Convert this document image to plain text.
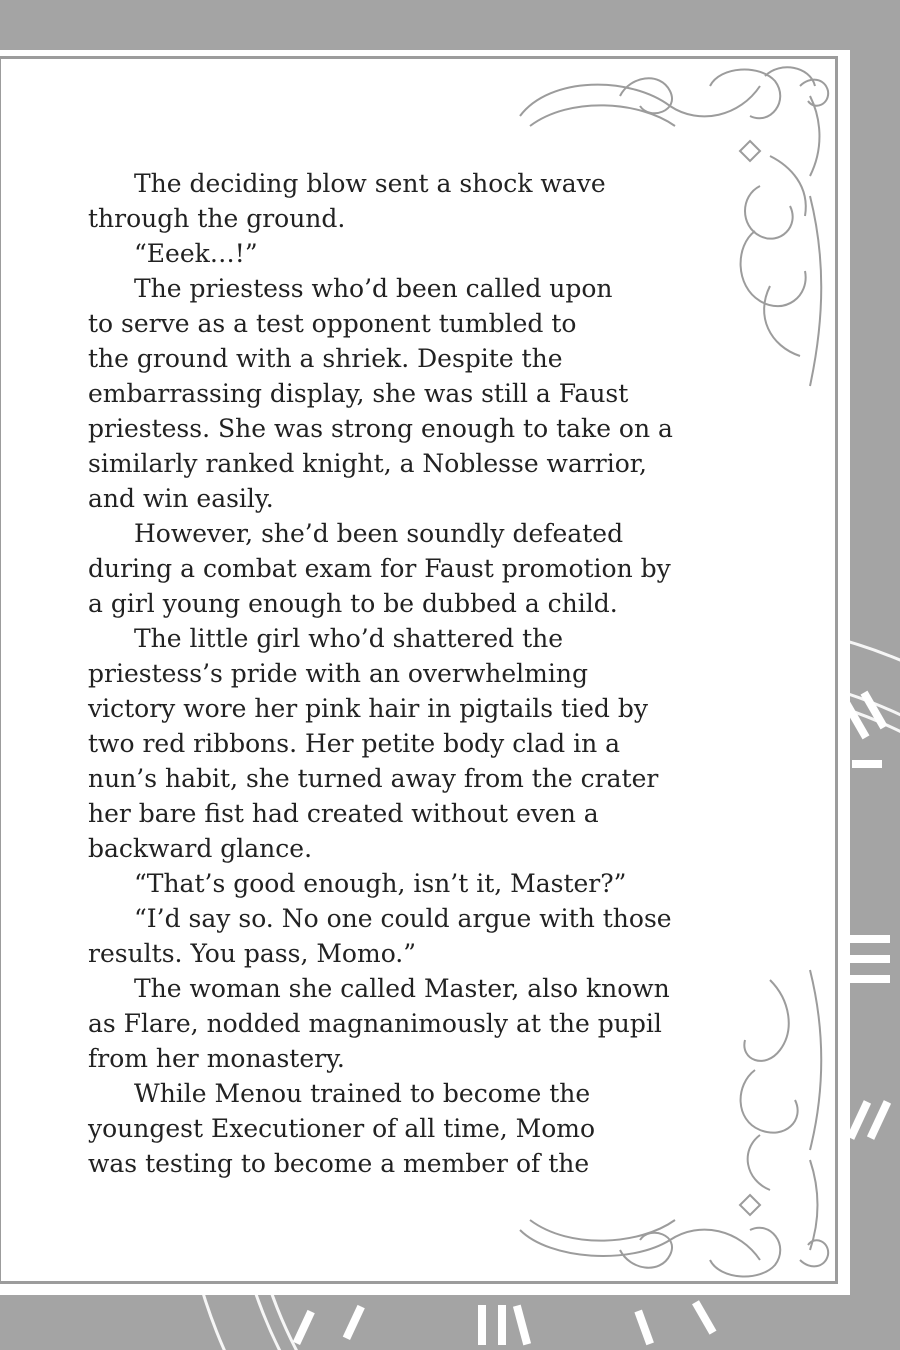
The deciding blow sent a shock wave
through the ground.
“Eeek…!”
The priestess who’d been called upon
to serve as a test opponent tumbled to
the ground with a shriek. Despite the
embarrassing display, she was still a Faust
priestess. She was strong enough to take on a
similarly ranked knight, a Noblesse warrior,
and win easily.
However, she’d been soundly defeated
during a combat exam for Faust promotion by
a girl young enough to be dubbed a child.
The little girl who’d shattered the
priestess’s pride with an overwhelming
victory wore her pink hair in pigtails tied by
two red ribbons. Her petite body clad in a
nun’s habit, she turned away from the crater
her bare fist had created without even a
backward glance.
“That’s good enough, isn’t it, Master?”
“I’d say so. No one could argue with those
results. You pass, Momo.”
The woman she called Master, also known
as Flare, nodded magnanimously at the pupil
from her monastery.
While Menou trained to become the
youngest Executioner of all time, Momo
was testing to become a member of the
